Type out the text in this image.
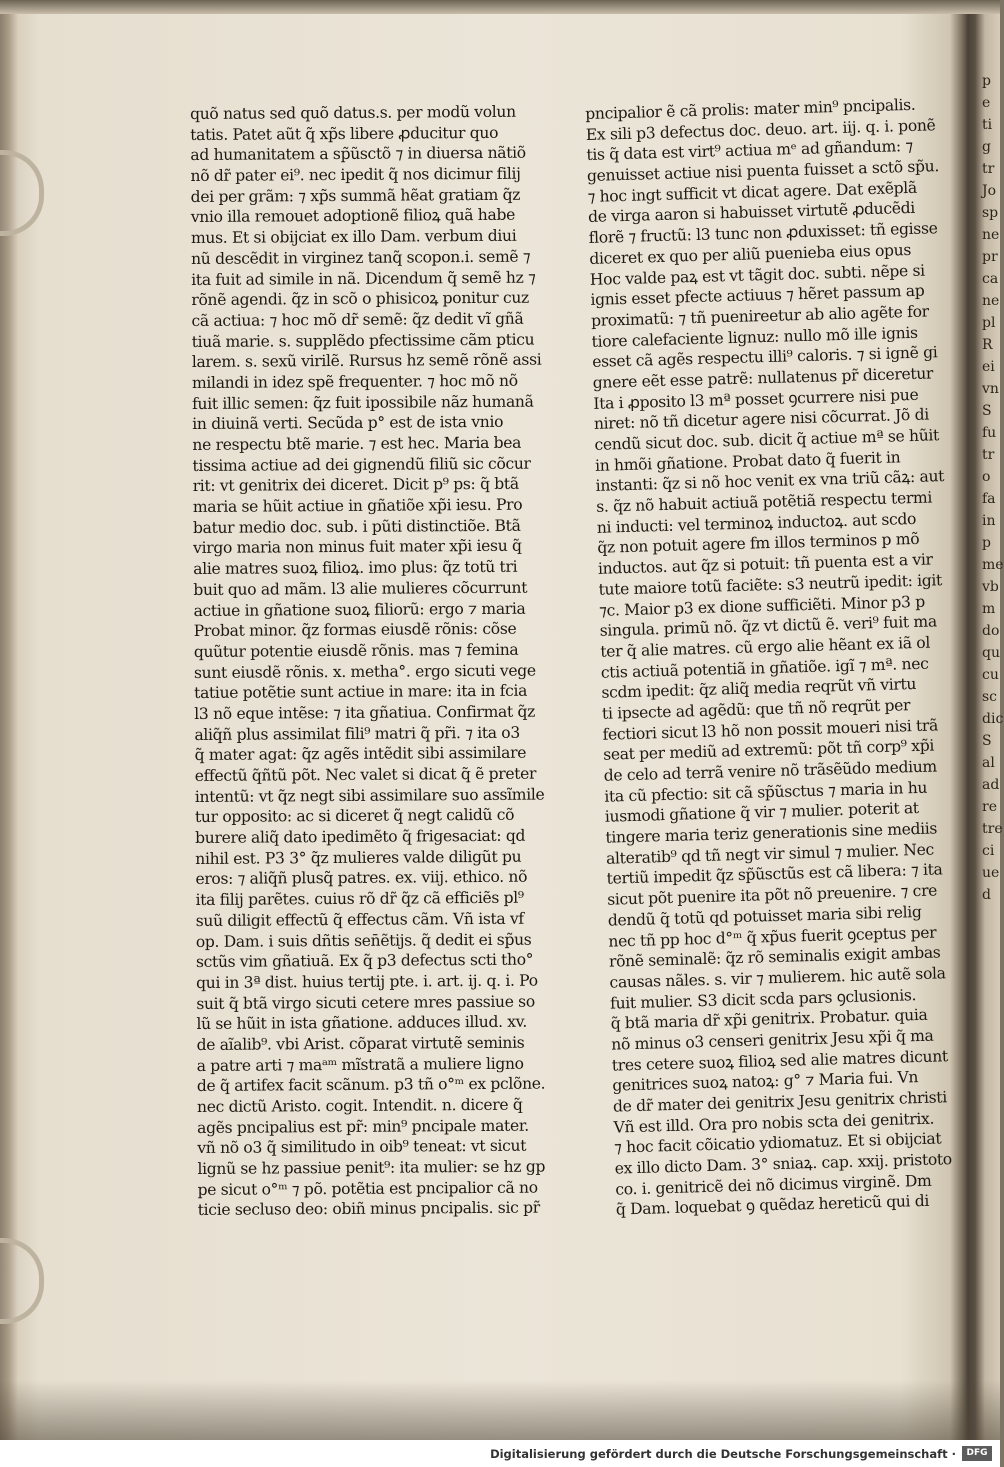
quõ natus sed quõ datus.s. per modũ volun
tatis. Patet aũt q̃ xp̃s libere ꝓducitur quo
ad humanitatem a sp̃ũsctõ ⁊ in diuersa nãtiõ
nõ dr̃ pater ei⁹. nec ipedit q̃ nos dicimur filij
dei per grãm: ⁊ xp̃s summã hẽat gratiam q̃z
vnio illa remouet adoptionẽ filioꝝ quã habe
mus. Et si obijciat ex illo Dam. verbum diui
nũ descẽdit in virginez tanq̃ scopon.i. semẽ ⁊
ita fuit ad simile in nã. Dicendum q̃ semẽ hz ⁊
rõnẽ agendi. q̃z in scõ o phisicoꝝ ponitur cuz
cã actiua: ⁊ hoc mõ dr̃ semẽ: q̃z dedit vĩ gñã
tiuã marie. s. supplẽdo pfectissime cãm pticu
larem. s. sexũ virilẽ. Rursus hz semẽ rõnẽ assi
milandi in idez spẽ frequenter. ⁊ hoc mõ nõ
fuit illic semen: q̃z fuit ipossibile nãz humanã
in diuinã verti. Secũda p° est de ista vnio
ne respectu btẽ marie. ⁊ est hec. Maria bea
tissima actiue ad dei gignendũ filiũ sic cõcur
rit: vt genitrix dei diceret. Dicit p⁹ ps: q̃ btã
maria se hũit actiue in gñatiõe xp̃i iesu. Pro
batur medio doc. sub. i pũti distinctiõe. Btã
virgo maria non minus fuit mater xp̃i iesu q̃
alie matres suoꝝ filioꝝ. imo plus: q̃z totũ tri
buit quo ad mãm. l3 alie mulieres cõcurrunt
actiue in gñatione suoꝝ filiorũ: ergo ⁊ maria
Probat minor. q̃z formas eiusdẽ rõnis: cõse
quũtur potentie eiusdẽ rõnis. mas ⁊ femina
sunt eiusdẽ rõnis. x. metha°. ergo sicuti vege
tatiue potẽtie sunt actiue in mare: ita in fcia
l3 nõ eque intẽse: ⁊ ita gñatiua. Confirmat q̃z
aliq̃ñ plus assimilat fili⁹ matri q̃ pr̃i. ⁊ ita o3
q̃ mater agat: q̃z agẽs intẽdit sibi assimilare
effectũ q̃ñtũ põt. Nec valet si dicat q̃ ẽ preter
intentũ: vt q̃z negt sibi assimilare suo assĩmile
tur opposito: ac si diceret q̃ negt calidũ cõ
burere aliq̃ dato ipedimẽto q̃ frigesaciat: qd
nihil est. P3 3° q̃z mulieres valde diligũt pu
eros: ⁊ aliq̃ñ plusq̃ patres. ex. viij. ethico. nõ
ita filij parẽtes. cuius rõ dr̃ q̃z cã efficiẽs pl⁹
suũ diligit effectũ q̃ effectus cãm. Vñ ista vf
op. Dam. i suis dñtis sen̄ẽtijs. q̃ dedit ei sp̃us
sctũs vim gñatiuã. Ex q̃ p3 defectus scti tho°
qui in 3ª dist. huius tertij pte. i. art. ij. q. i. Po
suit q̃ btã virgo sicuti cetere mres passiue so
lũ se hũit in ista gñatione. adduces illud. xv.
de aĩalib⁹. vbi Arist. cõparat virtutẽ seminis
a patre arti ⁊ maᵃᵐ mĩstratã a muliere ligno
de q̃ artifex facit scãnum. p3 tñ o°ᵐ ex pclõne.
nec dictũ Aristo. cogit. Intendit. n. dicere q̃
agẽs pncipalius est pr̃: min⁹ pncipale mater.
vñ nõ o3 q̃ similitudo in oib⁹ teneat: vt sicut
lignũ se hz passiue penit⁹: ita mulier: se hz gp
pe sicut o°ᵐ ⁊ põ. potẽtia est pncipalior cã no
ticie secluso deo: obiñ minus pncipalis. sic pr̃
pncipalior ẽ cã prolis: mater min⁹ pncipalis.
Ex sili p3 defectus doc. deuo. art. iij. q. i. ponẽ
tis q̃ data est virt⁹ actiua mᵉ ad gñandum: ⁊
genuisset actiue nisi puenta fuisset a sctõ sp̃u.
⁊ hoc ingt sufficit vt dicat agere. Dat exẽplã
de virga aaron si habuisset virtutẽ ꝓducẽdi
florẽ ⁊ fructũ: l3 tunc non ꝓduxisset: tñ egisse
diceret ex quo per aliũ puenieba eius opus
Hoc valde paꝝ est vt tãgit doc. subti. nẽpe si
ignis esset pfecte actiuus ⁊ hẽret passum ap
proximatũ: ⁊ tñ puenireetur ab alio agẽte for
tiore calefaciente lignuz: nullo mõ ille ignis
esset cã agẽs respectu illi⁹ caloris. ⁊ si ignẽ gi
gnere eẽt esse patrẽ: nullatenus pr̃ diceretur
Ita i ꝓposito l3 mª posset ꝯcurrere nisi pue
niret: nõ tñ dicetur agere nisi cõcurrat. Jõ di
cendũ sicut doc. sub. dicit q̃ actiue mª se hũit
in hmõi gñatione. Probat dato q̃ fuerit in
instanti: q̃z si nõ hoc venit ex vna triũ cãꝝ: aut
s. q̃z nõ habuit actiuã potẽtiã respectu termi
ni inducti: vel terminoꝝ inductoꝝ. aut scdo
q̃z non potuit agere fm illos terminos p mõ
inductos. aut q̃z si potuit: tñ puenta est a vir
tute maiore totũ faciẽte: s3 neutrũ ipedit: igit
⁊c. Maior p3 ex dione sufficiẽti. Minor p3 p
singula. primũ nõ. q̃z vt dictũ ẽ. veri⁹ fuit ma
ter q̃ alie matres. cũ ergo alie hẽant ex iã ol
ctis actiuã potentiã in gñatiõe. igĩ ⁊ mª. nec
scdm ipedit: q̃z aliq̃ media reqrũt vñ virtu
ti ipsecte ad agẽdũ: que tñ nõ reqrũt per
fectiori sicut l3 hõ non possit moueri nisi trã
seat per mediũ ad extremũ: põt tñ corp⁹ xp̃i
de celo ad terrã venire nõ trãsẽũdo medium
ita cũ pfectio: sit cã sp̃ũsctus ⁊ maria in hu
iusmodi gñatione q̃ vir ⁊ mulier. poterit at
tingere maria teriz generationis sine mediis
alteratib⁹ qd tñ negt vir simul ⁊ mulier. Nec
tertiũ impedit q̃z sp̃ũsctũs est cã libera: ⁊ ita
sicut põt puenire ita põt nõ preuenire. ⁊ cre
dendũ q̃ totũ qd potuisset maria sibi relig
nec tñ pp hoc d°ᵐ q̃ xp̃us fuerit ꝯceptus per
rõnẽ seminalẽ: q̃z rõ seminalis exigit ambas
causas nãles. s. vir ⁊ mulierem. hic autẽ sola
fuit mulier. S3 dicit scda pars ꝯclusionis.
q̃ btã maria dr̃ xp̃i genitrix. Probatur. quia
nõ minus o3 censeri genitrix Jesu xp̃i q̃ ma
tres cetere suoꝝ filioꝝ sed alie matres dicunt
genitrices suoꝝ natoꝝ: g° ⁊ Maria fui. Vn
de dr̃ mater dei genitrix Jesu genitrix christi
Vñ est illd. Ora pro nobis scta dei genitrix.
⁊ hoc facit cõicatio ydiomatuz. Et si obijciat
ex illo dicto Dam. 3° sniaꝝ. cap. xxij. pristoto
co. i. genitricẽ dei nõ dicimus virginẽ. Dm
q̃ Dam. loquebat ꝯ quẽdaz hereticũ qui di
p
e
ti
g
tr
Jo
sp
ne
pr
ca
ne
pl
R
ei
vn
S
fu
tr
o
fa
in
p
me
vb
m
do
qu
cu
sc
dic
S
al
ad
re
tre
ci
ue
d
Digitalisierung gefördert durch die Deutsche Forschungsgemeinschaft ·	DFG
